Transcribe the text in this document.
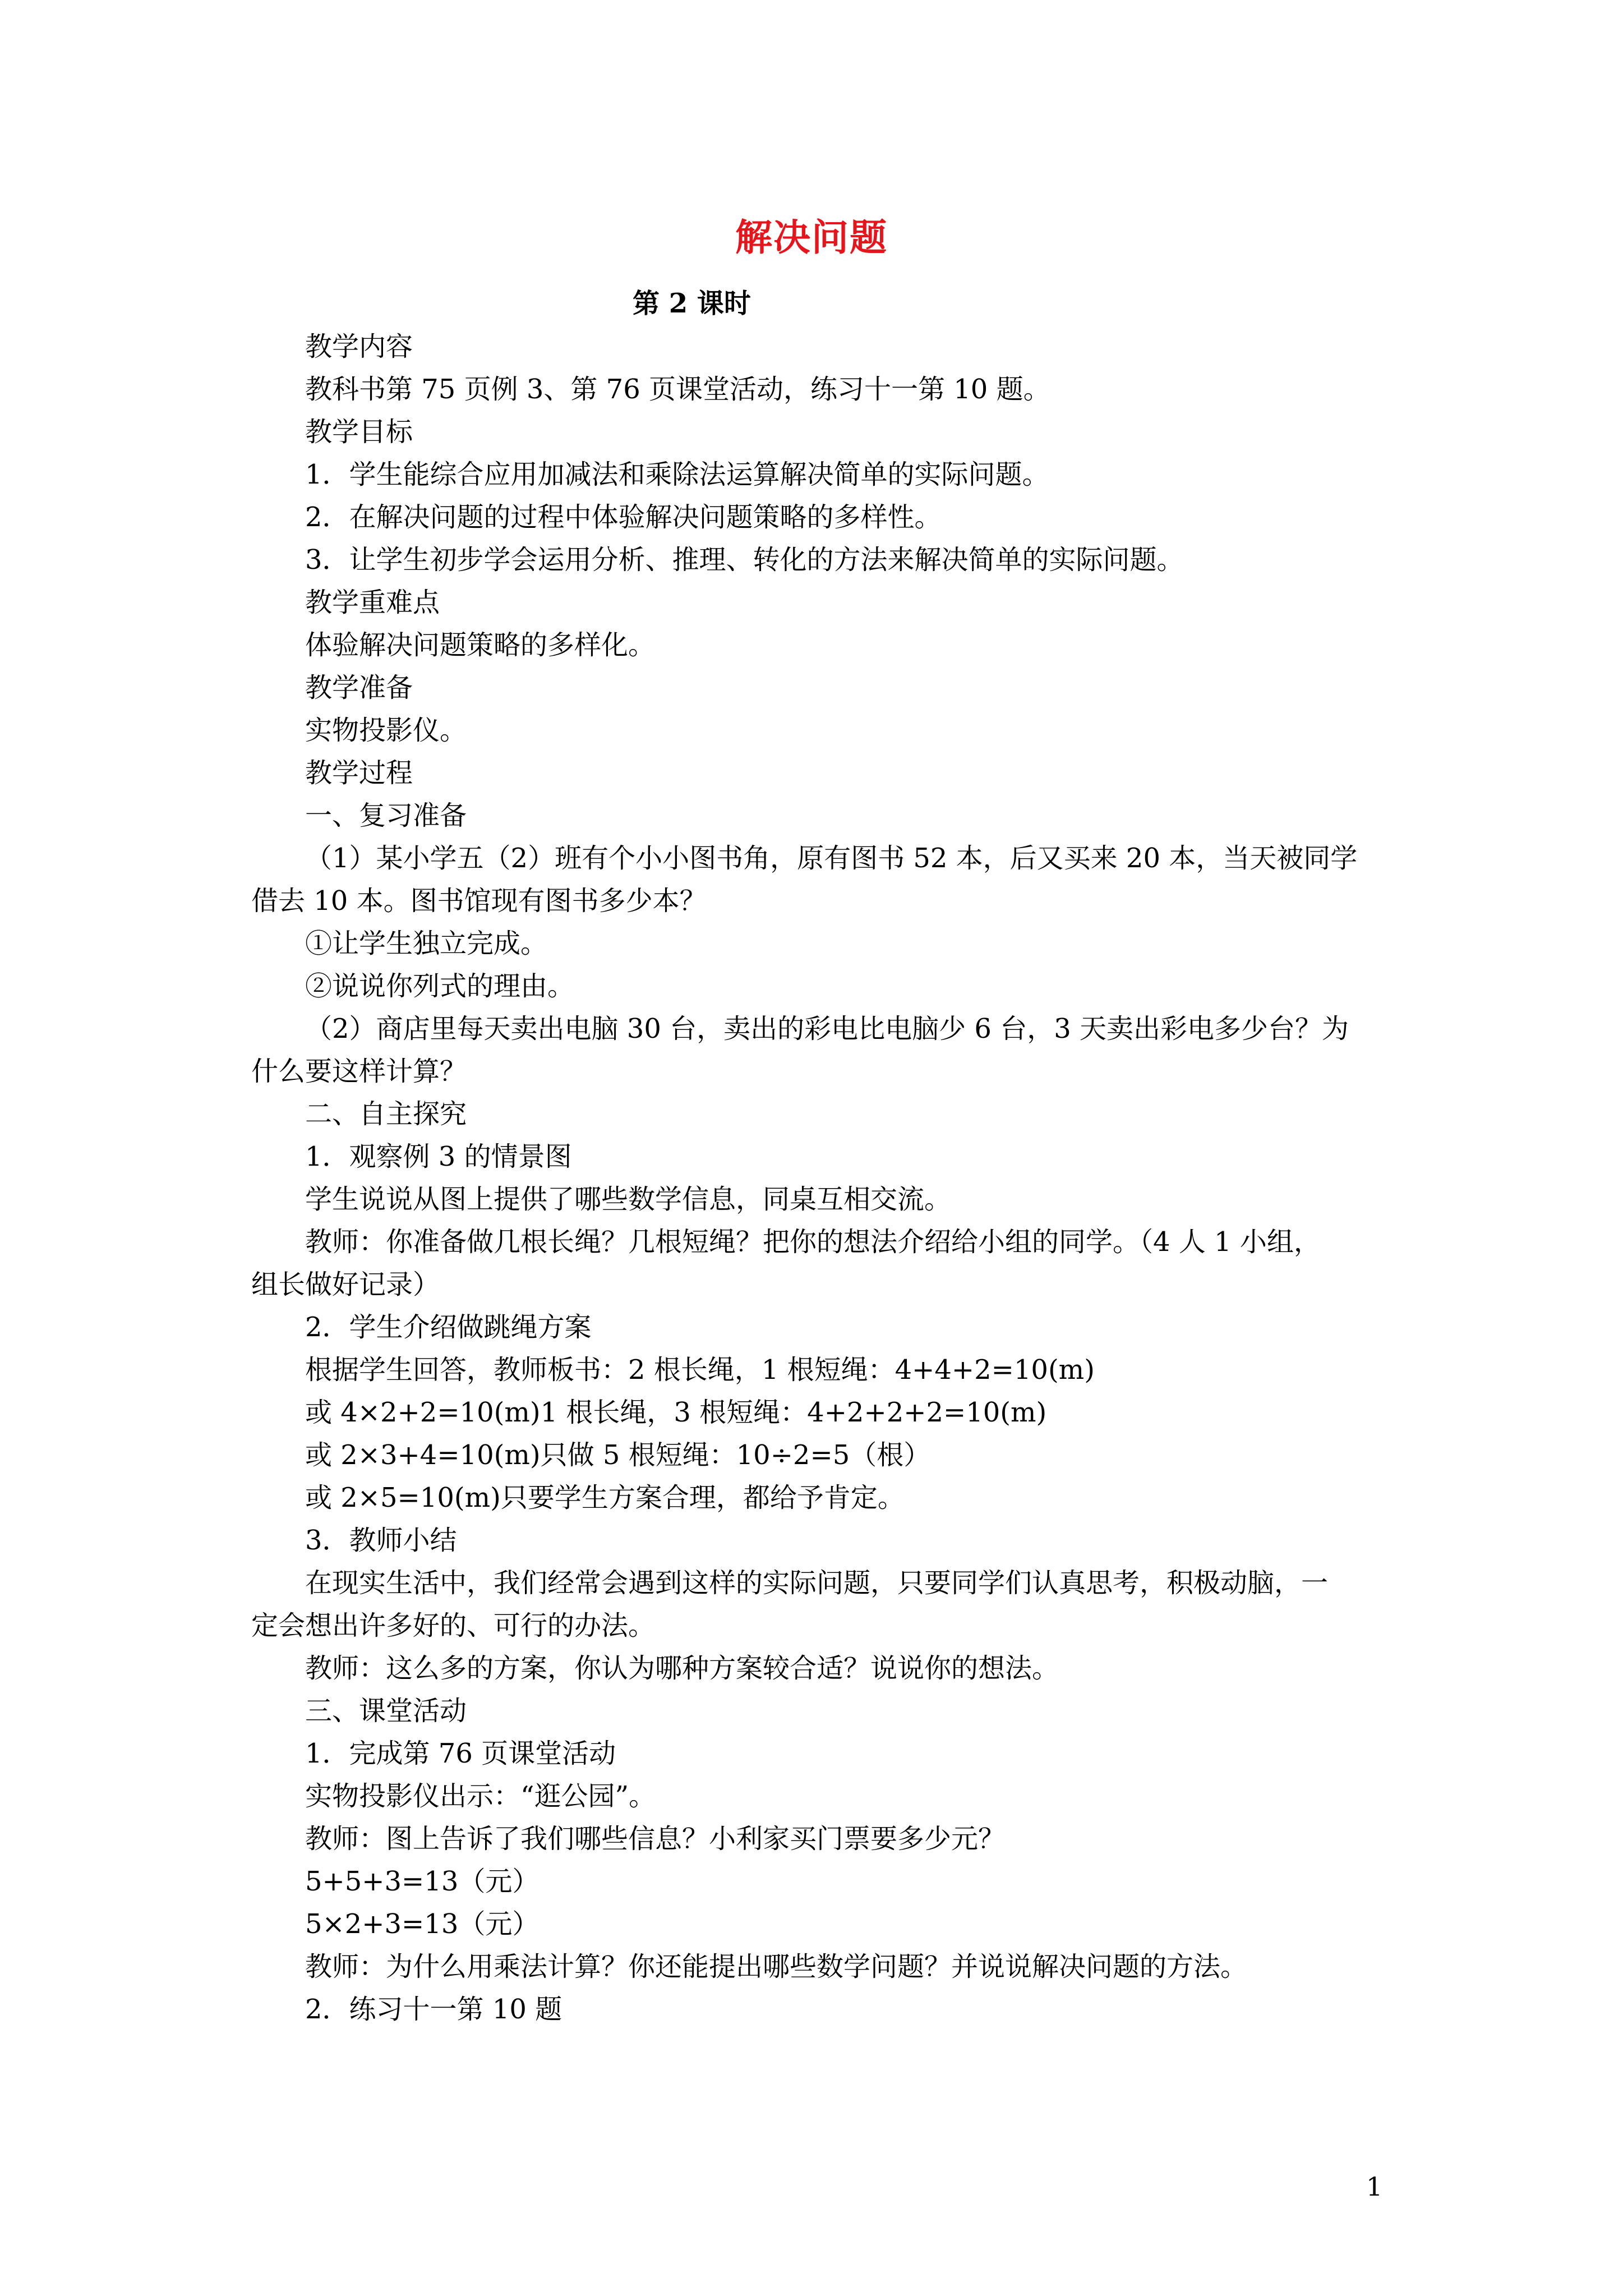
解决问题
第 2 课时
教学内容
教科书第 75 页例 3、第 76 页课堂活动，练习十一第 10 题。
教学目标
1．学生能综合应用加减法和乘除法运算解决简单的实际问题。
2．在解决问题的过程中体验解决问题策略的多样性。
3．让学生初步学会运用分析、推理、转化的方法来解决简单的实际问题。
教学重难点
体验解决问题策略的多样化。
教学准备
实物投影仪。
教学过程
一、复习准备
（1）某小学五（2）班有个小小图书角，原有图书 52 本，后又买来 20 本，当天被同学
借去 10 本。图书馆现有图书多少本？
①让学生独立完成。
②说说你列式的理由。
（2）商店里每天卖出电脑 30 台，卖出的彩电比电脑少 6 台，3 天卖出彩电多少台？为
什么要这样计算？
二、自主探究
1．观察例 3 的情景图
学生说说从图上提供了哪些数学信息，同桌互相交流。
教师：你准备做几根长绳？几根短绳？把你的想法介绍给小组的同学。（4 人 1 小组，
组长做好记录）
2．学生介绍做跳绳方案
根据学生回答，教师板书：2 根长绳，1 根短绳：4+4+2=10(m)
或 4×2+2=10(m)1 根长绳，3 根短绳：4+2+2+2=10(m)
或 2×3+4=10(m)只做 5 根短绳：10÷2=5（根）
或 2×5=10(m)只要学生方案合理，都给予肯定。
3．教师小结
在现实生活中，我们经常会遇到这样的实际问题，只要同学们认真思考，积极动脑，一
定会想出许多好的、可行的办法。
教师：这么多的方案，你认为哪种方案较合适？说说你的想法。
三、课堂活动
1．完成第 76 页课堂活动
实物投影仪出示：“逛公园”。
教师：图上告诉了我们哪些信息？小利家买门票要多少元？
5+5+3=13（元）
5×2+3=13（元）
教师：为什么用乘法计算？你还能提出哪些数学问题？并说说解决问题的方法。
2．练习十一第 10 题
1
